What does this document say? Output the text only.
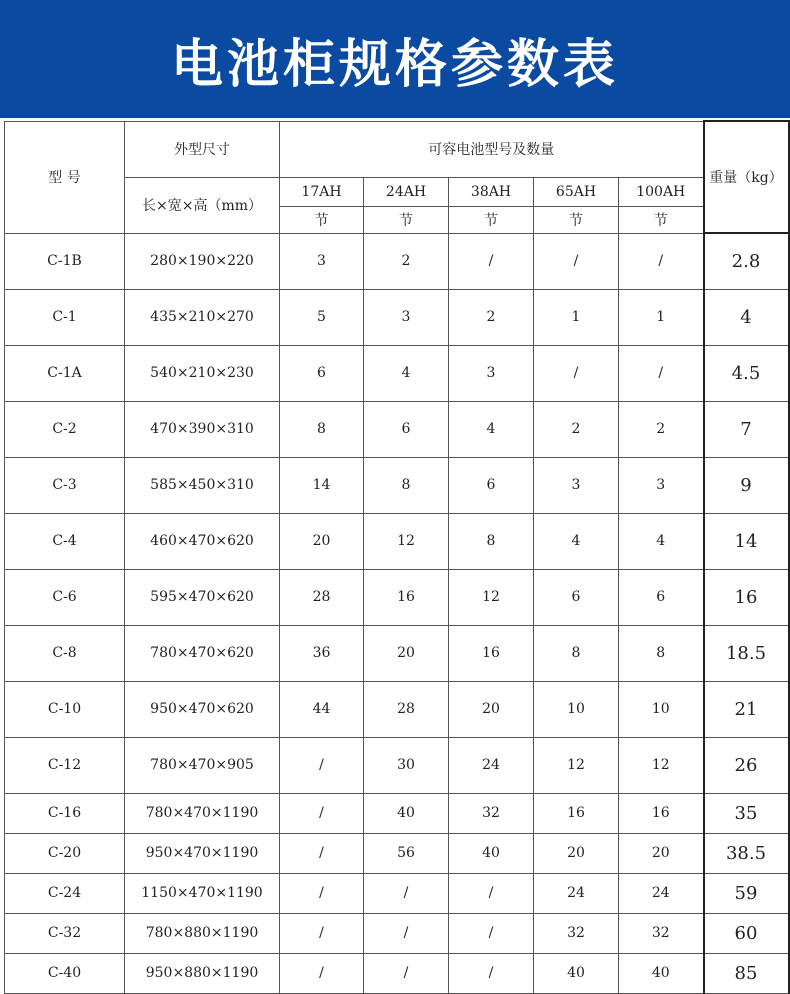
电池柜规格参数表
型 号	外型尺寸	可容电池型号及数量					重量（kg）
	长×宽×高（mm）	17AH	24AH	38AH	65AH	100AH	
		节	节	节	节	节	
C-1B	280×190×220	3	2	/	/	/	2.8
C-1	435×210×270	5	3	2	1	1	4
C-1A	540×210×230	6	4	3	/	/	4.5
C-2	470×390×310	8	6	4	2	2	7
C-3	585×450×310	14	8	6	3	3	9
C-4	460×470×620	20	12	8	4	4	14
C-6	595×470×620	28	16	12	6	6	16
C-8	780×470×620	36	20	16	8	8	18.5
C-10	950×470×620	44	28	20	10	10	21
C-12	780×470×905	/	30	24	12	12	26
C-16	780×470×1190	/	40	32	16	16	35
C-20	950×470×1190	/	56	40	20	20	38.5
C-24	1150×470×1190	/	/	/	24	24	59
C-32	780×880×1190	/	/	/	32	32	60
C-40	950×880×1190	/	/	/	40	40	85
